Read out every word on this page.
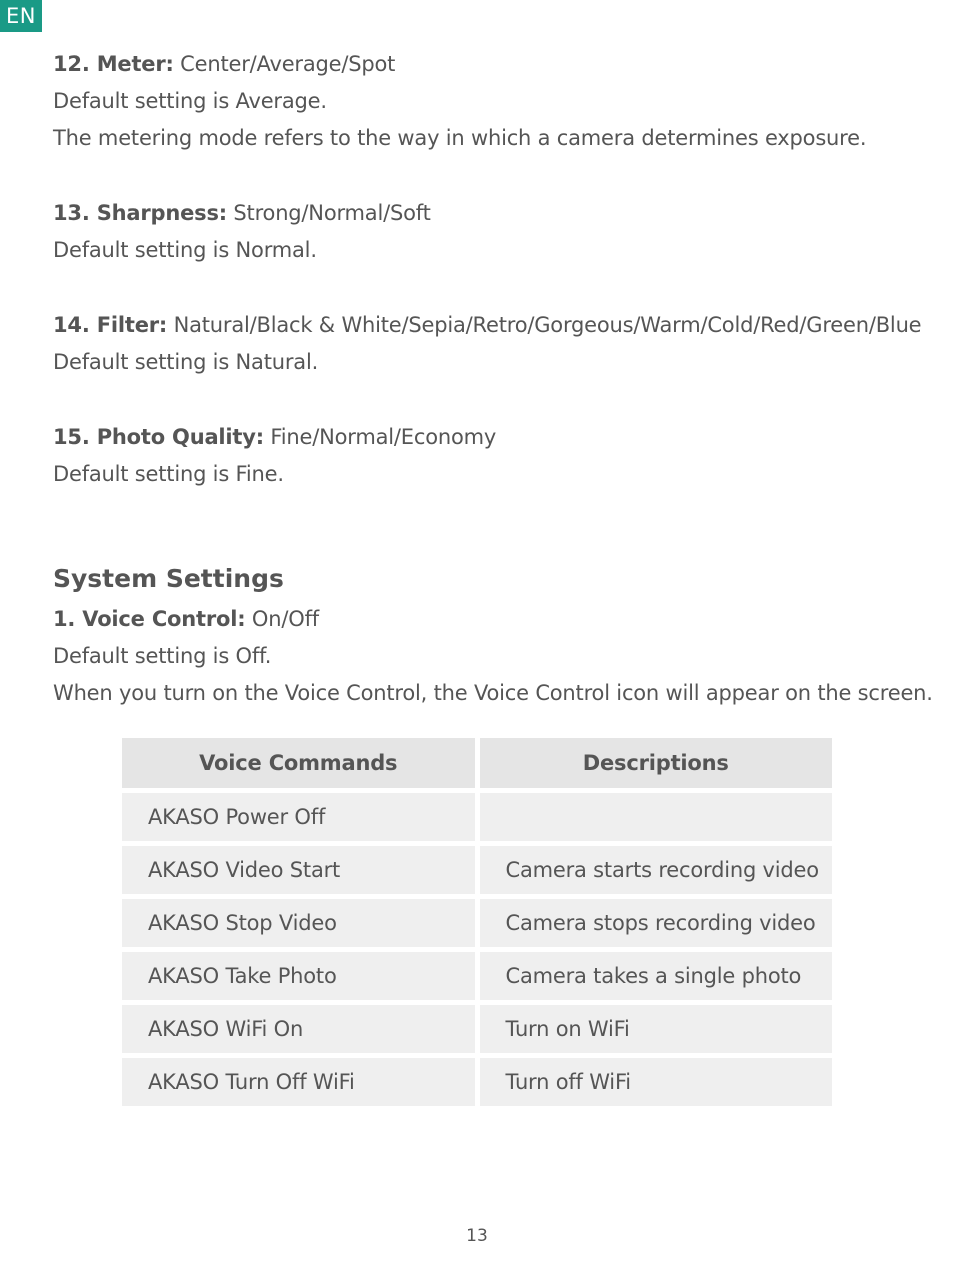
EN
12. Meter: Center/Average/Spot
Default setting is Average.
The metering mode refers to the way in which a camera determines exposure.
13. Sharpness: Strong/Normal/Soft
Default setting is Normal.
14. Filter: Natural/Black & White/Sepia/Retro/Gorgeous/Warm/Cold/Red/Green/Blue
Default setting is Natural.
15. Photo Quality: Fine/Normal/Economy
Default setting is Fine.
System Settings
1. Voice Control: On/Off
Default setting is Off.
When you turn on the Voice Control, the Voice Control icon will appear on the screen.
Voice Commands	Descriptions
AKASO Power Off
AKASO Video Start	Camera starts recording video
AKASO Stop Video	Camera stops recording video
AKASO Take Photo	Camera takes a single photo
AKASO WiFi On	Turn on WiFi
AKASO Turn Off WiFi	Turn off WiFi
13
